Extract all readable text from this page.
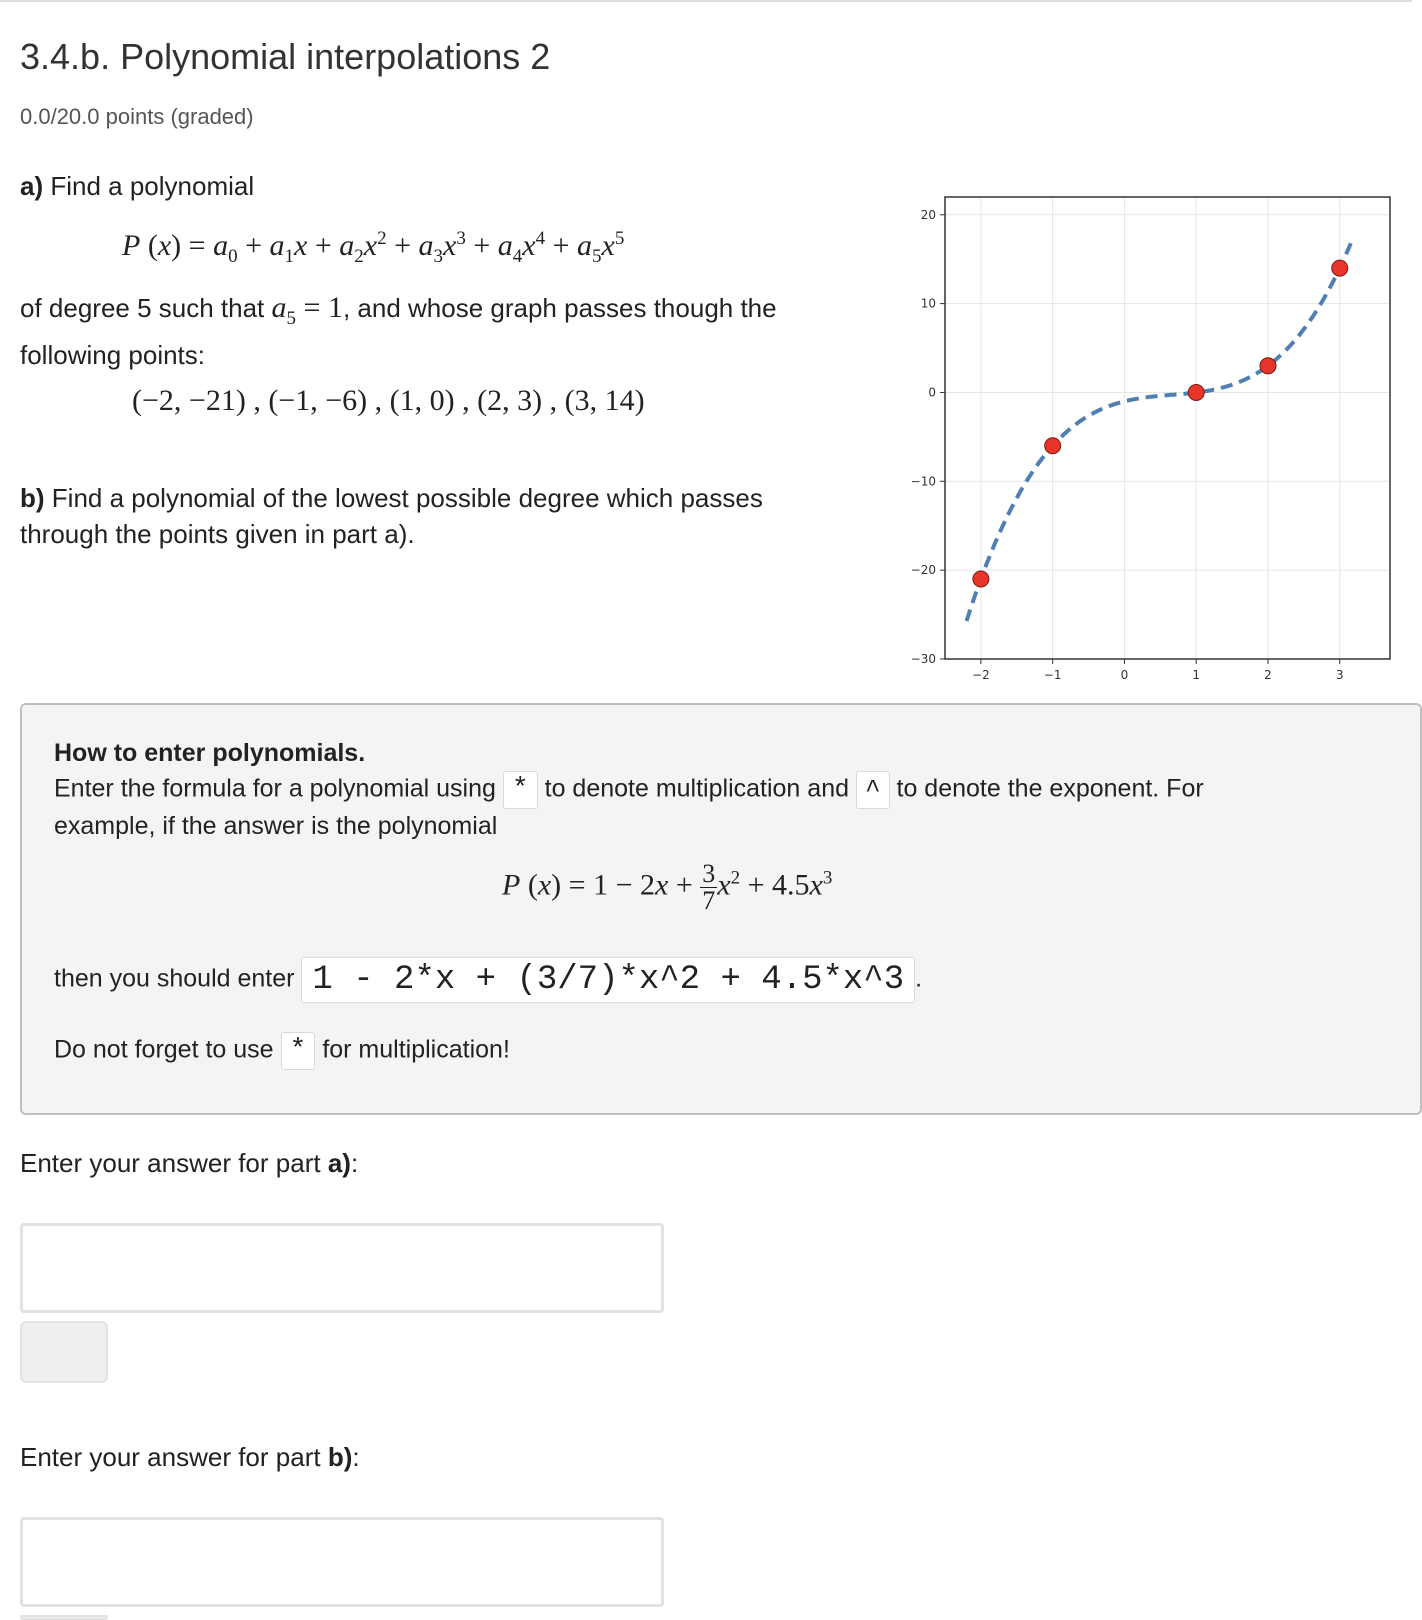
3.4.b. Polynomial interpolations 2
0.0/20.0 points (graded)
a) Find a polynomial
P $(x) = a_0 + a_1x + a_2x^2 + a_3x^3 + a_4x^4 + a_5x^5$
of degree 5 such that $a_5 = 1$, and whose graph passes though the
following points:
(−2, −21) , (−1, −6) , (1, 0) , (2, 3) , (3, 14)
b) Find a polynomial of the lowest possible degree which passes
through the points given in part a).
−2	−1	0	1	2	3
20
10
0
−10
−20
−30
How to enter polynomials.
Enter the formula for a polynomial using * to denote multiplication and ^ to denote the exponent. For
example, if the answer is the polynomial
P $(x) = 1 - 2x + \frac{3}{7} x^2 + 4.5x^3$
then you should enter 1 - 2*x + (3/7)*x^2 + 4.5*x^3 .
Do not forget to use * for multiplication!
Enter your answer for part a):
Enter your answer for part b):
